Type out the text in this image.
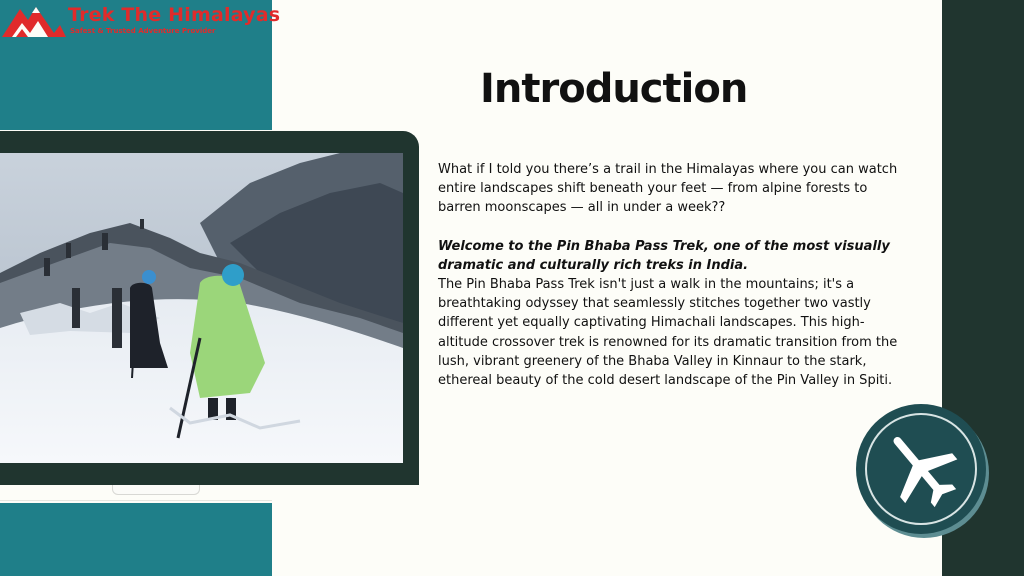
Trek The Himalayas
Safest & Trusted Adventure Provider
Introduction

What if I told you there’s a trail in the Himalayas where you can watch entire landscapes shift beneath your feet — from alpine forests to barren moonscapes — all in under a week??

Welcome to the Pin Bhaba Pass Trek, one of the most visually dramatic and culturally rich treks in India.

The Pin Bhaba Pass Trek isn't just a walk in the mountains; it's a breathtaking odyssey that seamlessly stitches together two vastly different yet equally captivating Himachali landscapes. This high-altitude crossover trek is renowned for its dramatic transition from the lush, vibrant greenery of the Bhaba Valley in Kinnaur to the stark, ethereal beauty of the cold desert landscape of the Pin Valley in Spiti.
